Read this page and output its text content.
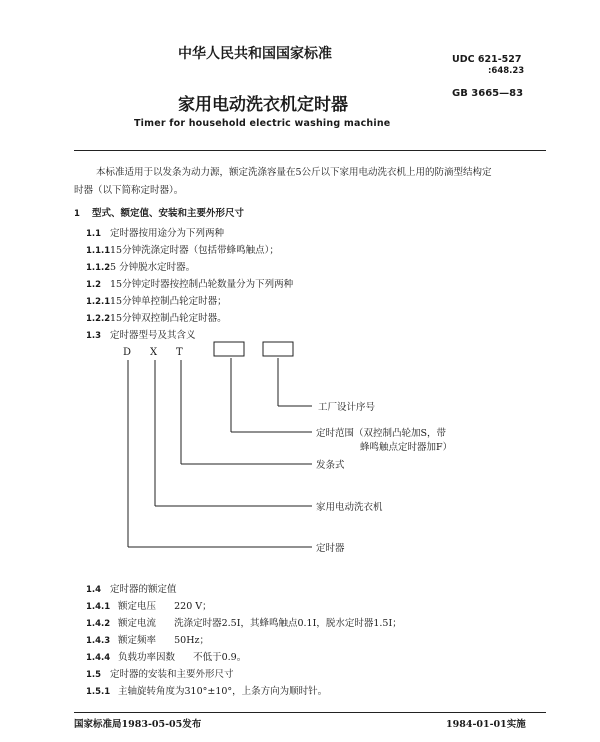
中华人民共和国国家标准	UDC 621-527
:648.23
GB 3665—83
家用电动洗衣机定时器
Timer for household electric washing machine
本标准适用于以发条为动力源，额定洗涤容量在5公斤以下家用电动洗衣机上用的防滴型结构定
时器（以下简称定时器）。
1 型式、额定值、安装和主要外形尺寸
1.1 定时器按用途分为下列两种
1.1.115分钟洗涤定时器（包括带蜂鸣触点）；
1.1.25 分钟脱水定时器。
1.2 15分钟定时器按控制凸轮数量分为下列两种
1.2.115分钟单控制凸轮定时器；
1.2.215分钟双控制凸轮定时器。
1.3 定时器型号及其含义
D X T
工厂设计序号
定时范围（双控制凸轮加S，带
蜂鸣触点定时器加F）
发条式
家用电动洗衣机
定时器
1.4 定时器的额定值
1.4.1 额定电压      220 V；
1.4.2 额定电流      洗涤定时器2.5I，其蜂鸣触点0.1I，脱水定时器1.5I；
1.4.3 额定频率      50Hz；
1.4.4 负载功率因数      不低于0.9。
1.5 定时器的安装和主要外形尺寸
1.5.1 主轴旋转角度为310°±10°，上条方向为顺时针。
国家标准局1983-05-05发布	1984-01-01实施
